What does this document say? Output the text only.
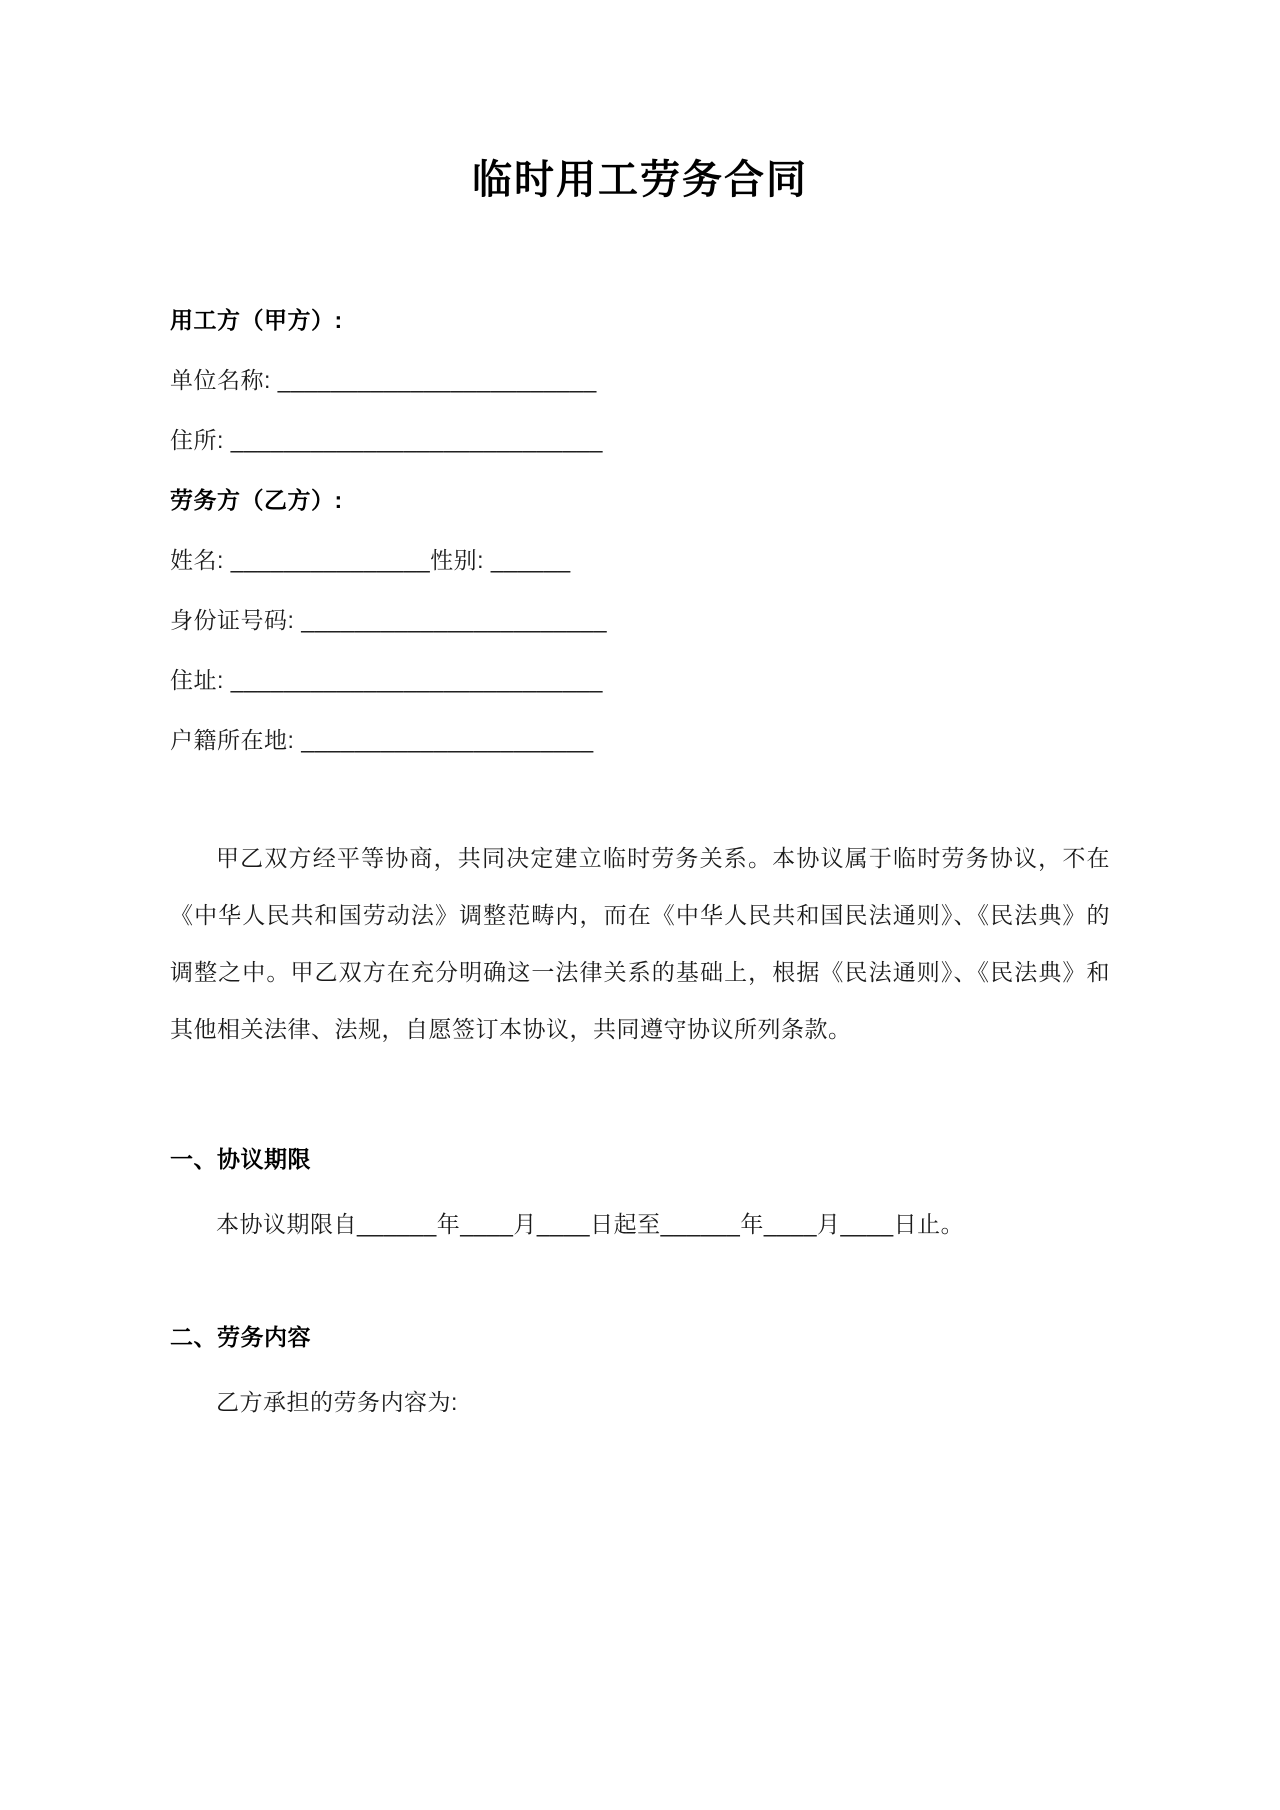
临时用工劳务合同

用工方（甲方）:

单位名称: ________________________

住所: ____________________________

劳务方（乙方）:

姓名: _______________性别: ______

身份证号码: _______________________

住址: ____________________________

户籍所在地: ______________________

甲乙双方经平等协商，共同决定建立临时劳务关系。本协议属于临时劳务协议，不在《中华人民共和国劳动法》调整范畴内，而在《中华人民共和国民法通则》、《民法典》的调整之中。甲乙双方在充分明确这一法律关系的基础上，根据《民法通则》、《民法典》和其他相关法律、法规，自愿签订本协议，共同遵守协议所列条款。

一、协议期限

本协议期限自______年____月____日起至______年____月____日止。

二、劳务内容

乙方承担的劳务内容为:
